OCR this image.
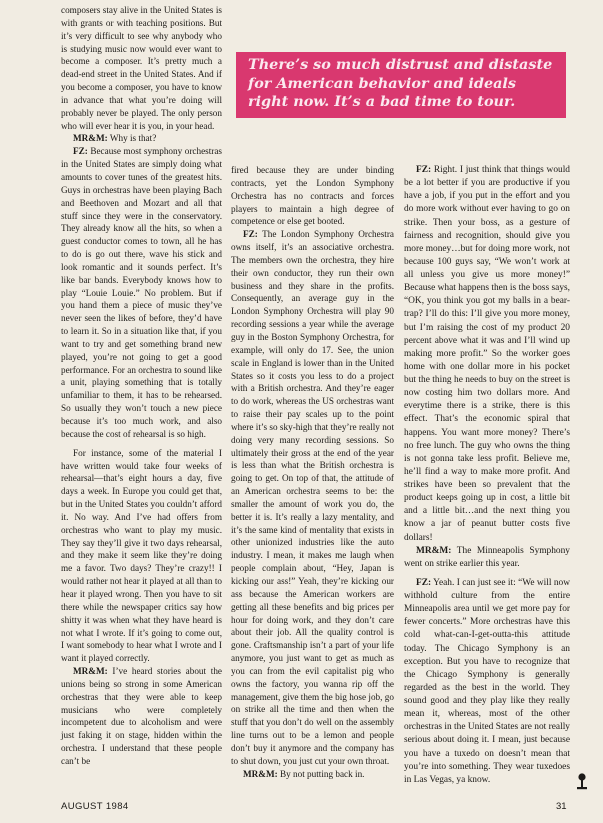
composers stay alive in the United States is with grants or with teaching positions. But it’s very difficult to see why anybody who is studying music now would ever want to become a composer. It’s pretty much a dead-end street in the United States. And if you become a composer, you have to know in advance that what you’re doing will probably never be played. The only person who will ever hear it is you, in your head.

MR&M: Why is that?

FZ: Because most symphony orchestras in the United States are simply doing what amounts to cover tunes of the greatest hits. Guys in orchestras have been playing Bach and Beethoven and Mozart and all that stuff since they were in the conservatory. They already know all the hits, so when a guest conductor comes to town, all he has to do is go out there, wave his stick and look romantic and it sounds perfect. It’s like bar bands. Everybody knows how to play “Louie Louie.” No problem. But if you hand them a piece of music they’ve never seen the likes of before, they’d have to learn it. So in a situation like that, if you want to try and get something brand new played, you’re not going to get a good performance. For an orchestra to sound like a unit, playing something that is totally unfamiliar to them, it has to be rehearsed. So usually they won’t touch a new piece because it’s too much work, and also because the cost of rehearsal is so high.

For instance, some of the material I have written would take four weeks of rehearsal—that’s eight hours a day, five days a week. In Europe you could get that, but in the United States you couldn’t afford it. No way. And I’ve had offers from orchestras who want to play my music. They say they’ll give it two days rehearsal, and they make it seem like they’re doing me a favor. Two days? They’re crazy!! I would rather not hear it played at all than to hear it played wrong. Then you have to sit there while the newspaper critics say how shitty it was when what they have heard is not what I wrote. If it’s going to come out, I want somebody to hear what I wrote and I want it played correctly.

MR&M: I’ve heard stories about the unions being so strong in some American orchestras that they were able to keep musicians who were completely incompetent due to alcoholism and were just faking it on stage, hidden within the orchestra. I understand that these people can’t be

There’s so much distrust and distaste for American behavior and ideals right now. It’s a bad time to tour.

fired because they are under binding contracts, yet the London Symphony Orchestra has no contracts and forces players to maintain a high degree of competence or else get booted.

FZ: The London Symphony Orchestra owns itself, it’s an associative orchestra. The members own the orchestra, they hire their own conductor, they run their own business and they share in the profits. Consequently, an average guy in the London Symphony Orchestra will play 90 recording sessions a year while the average guy in the Boston Symphony Orchestra, for example, will only do 17. See, the union scale in England is lower than in the United States so it costs you less to do a project with a British orchestra. And they’re eager to do work, whereas the US orchestras want to raise their pay scales up to the point where it’s so sky-high that they’re really not doing very many recording sessions. So ultimately their gross at the end of the year is less than what the British orchestra is going to get. On top of that, the attitude of an American orchestra seems to be: the smaller the amount of work you do, the better it is. It’s really a lazy mentality, and it’s the same kind of mentality that exists in other unionized industries like the auto industry. I mean, it makes me laugh when people complain about, “Hey, Japan is kicking our ass!” Yeah, they’re kicking our ass because the American workers are getting all these benefits and big prices per hour for doing work, and they don’t care about their job. All the quality control is gone. Craftsmanship isn’t a part of your life anymore, you just want to get as much as you can from the evil capitalist pig who owns the factory, you wanna rip off the management, give them the big hose job, go on strike all the time and then when the stuff that you don’t do well on the assembly line turns out to be a lemon and people don’t buy it anymore and the company has to shut down, you just cut your own throat.

MR&M: By not putting back in.

FZ: Right. I just think that things would be a lot better if you are productive if you have a job, if you put in the effort and you do more work without ever having to go on strike. Then your boss, as a gesture of fairness and recognition, should give you more money…but for doing more work, not because 100 guys say, “We won’t work at all unless you give us more money!” Because what happens then is the boss says, “OK, you think you got my balls in a bear-trap? I’ll do this: I’ll give you more money, but I’m raising the cost of my product 20 percent above what it was and I’ll wind up making more profit.” So the worker goes home with one dollar more in his pocket but the thing he needs to buy on the street is now costing him two dollars more. And everytime there is a strike, there is this effect. That’s the economic spiral that happens. You want more money? There’s no free lunch. The guy who owns the thing is not gonna take less profit. Believe me, he’ll find a way to make more profit. And strikes have been so prevalent that the product keeps going up in cost, a little bit and a little bit…and the next thing you know a jar of peanut butter costs five dollars!

MR&M: The Minneapolis Symphony went on strike earlier this year.

FZ: Yeah. I can just see it: “We will now withhold culture from the entire Minneapolis area until we get more pay for fewer concerts.” More orchestras have this cold what-can-I-get-outta-this attitude today. The Chicago Symphony is an exception. But you have to recognize that the Chicago Symphony is generally regarded as the best in the world. They sound good and they play like they really mean it, whereas, most of the other orchestras in the United States are not really serious about doing it. I mean, just because you have a tuxedo on doesn’t mean that you’re into something. They wear tuxedoes in Las Vegas, ya know.

AUGUST 1984	31
